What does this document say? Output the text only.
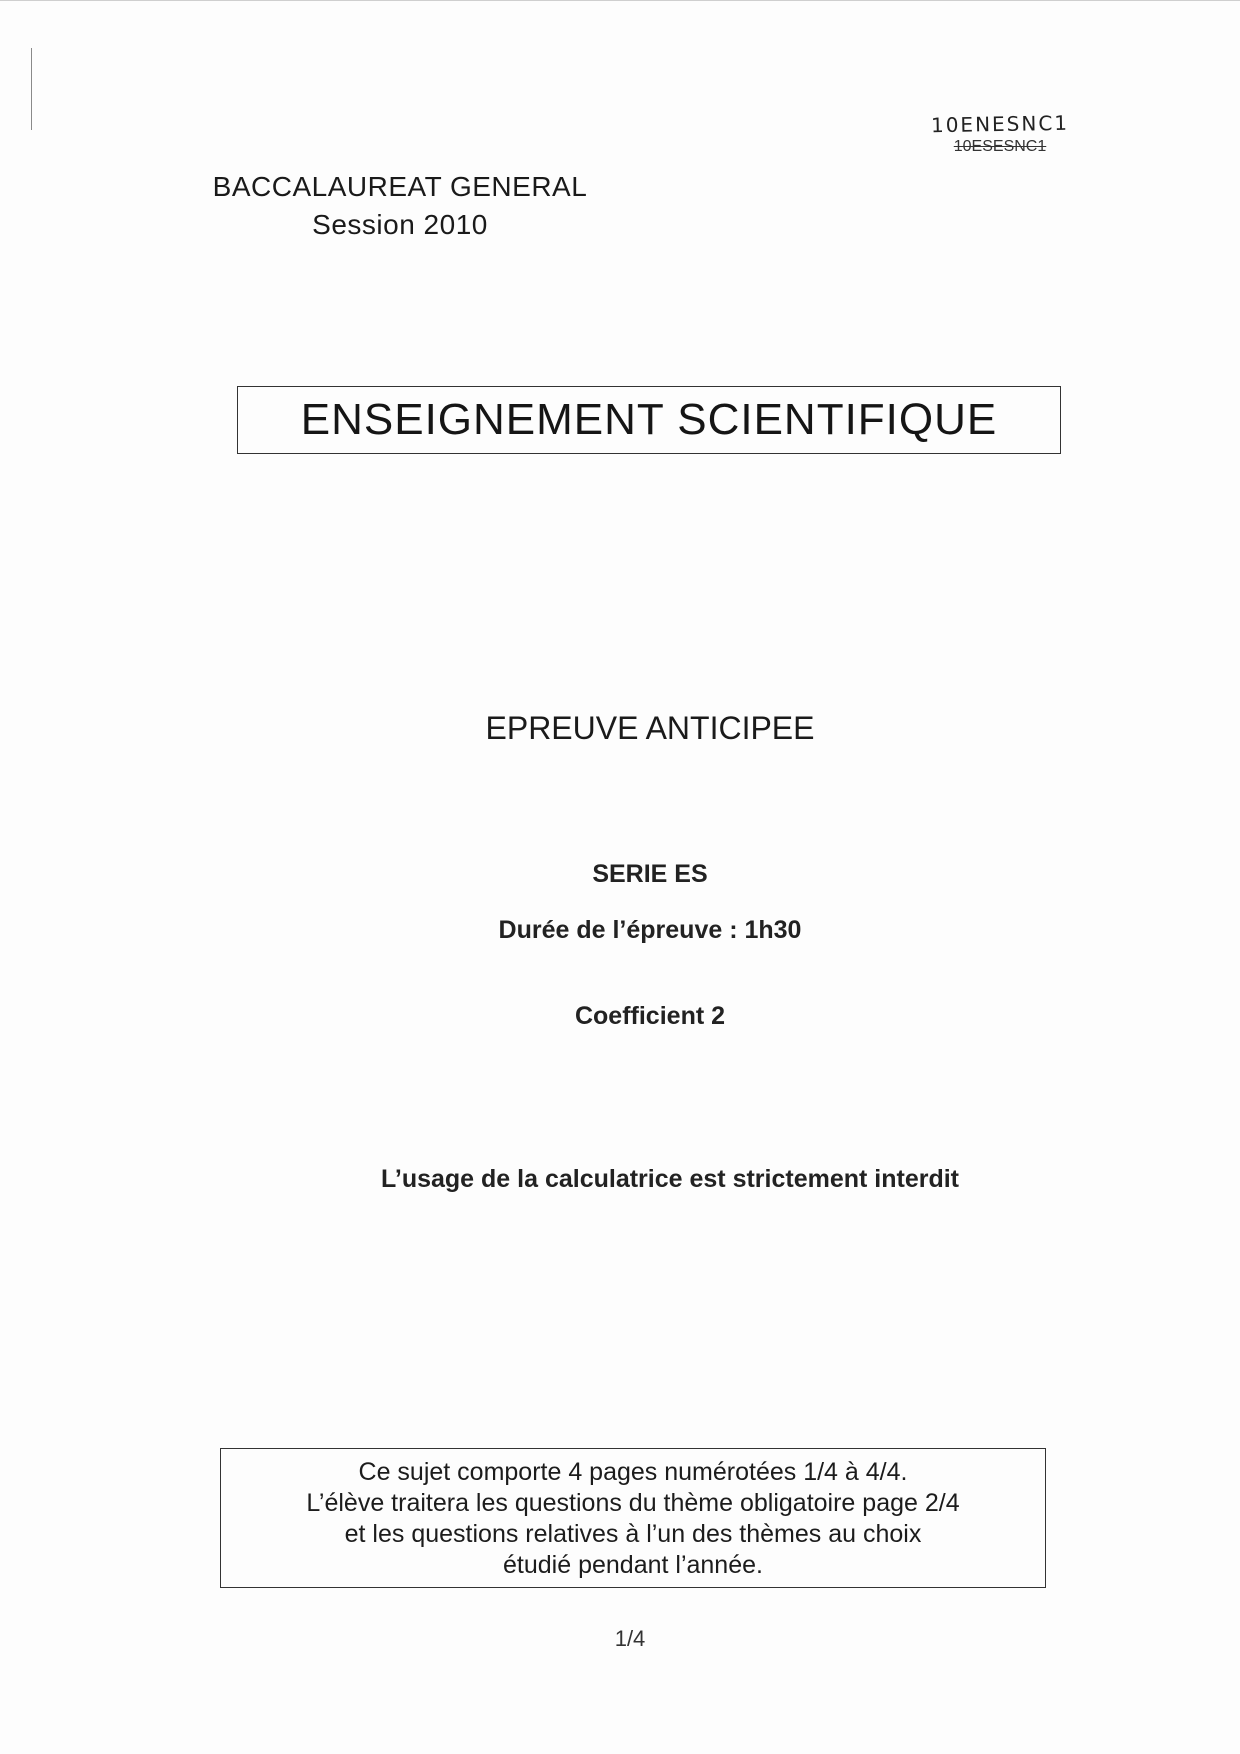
10ENESNC1
10ESESNC1
BACCALAUREAT GENERAL
Session 2010
ENSEIGNEMENT SCIENTIFIQUE
EPREUVE ANTICIPEE
SERIE ES
Durée de l’épreuve : 1h30
Coefficient 2
L’usage de la calculatrice est strictement interdit
Ce sujet comporte 4 pages numérotées 1/4 à 4/4.
L’élève traitera les questions du thème obligatoire page 2/4
et les questions relatives à l’un des thèmes au choix
étudié pendant l’année.
1/4
